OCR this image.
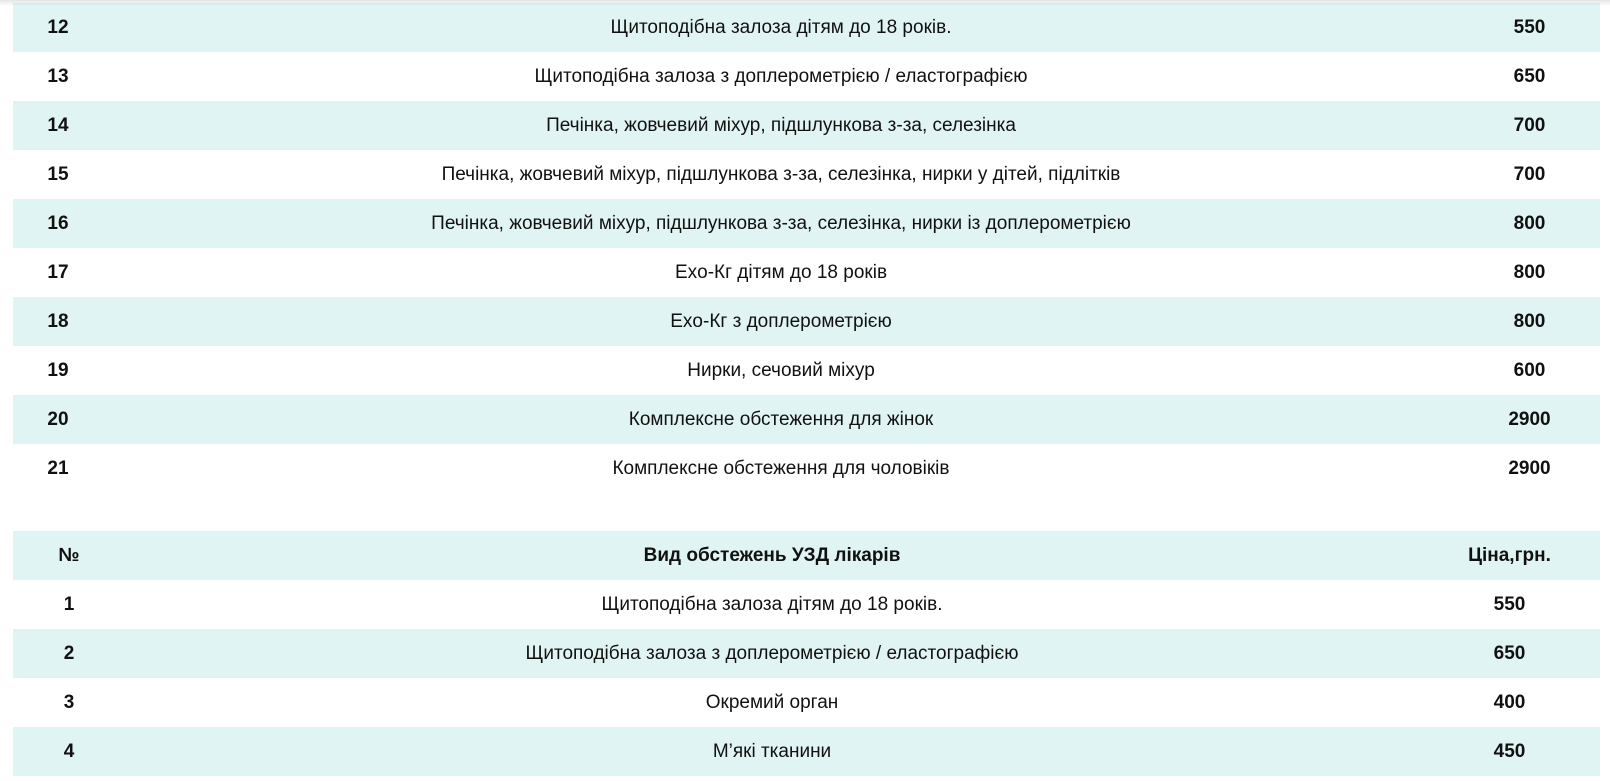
12	Щитоподібна залоза дітям до 18 років.	550
13	Щитоподібна залоза з доплерометрією / еластографією	650
14	Печінка, жовчевий міхур, підшлункова з-за, селезінка	700
15	Печінка, жовчевий міхур, підшлункова з-за, селезінка, нирки у дітей, підлітків	700
16	Печінка, жовчевий міхур, підшлункова з-за, селезінка, нирки із доплерометрією	800
17	Exo-Кг дітям до 18 років	800
18	Exo-Кг з доплерометрією	800
19	Нирки, сечовий міхур	600
20	Комплексне обстеження для жінок	2900
21	Комплексне обстеження для чоловіків	2900
№	Вид обстежень УЗД лікарів	Ціна,грн.
1	Щитоподібна залоза дітям до 18 років.	550
2	Щитоподібна залоза з доплерометрією / еластографією	650
3	Окремий орган	400
4	М’які тканини	450
